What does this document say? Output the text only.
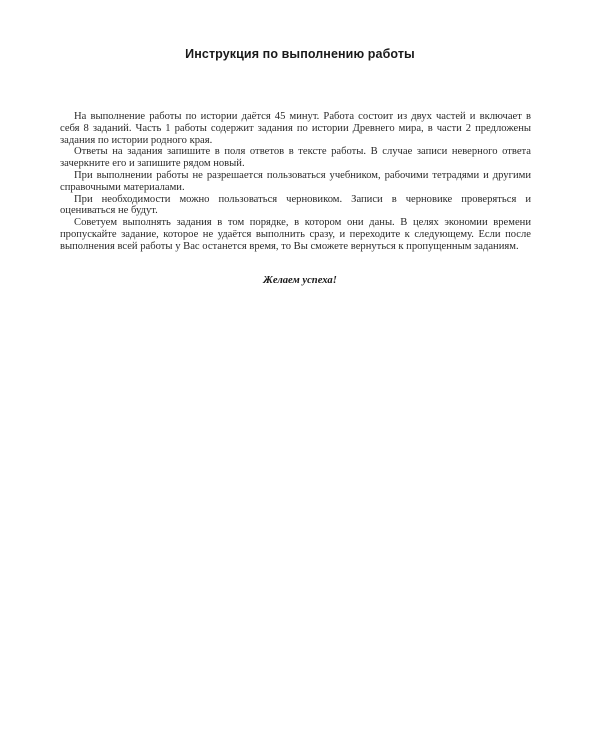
Инструкция по выполнению работы

На выполнение работы по истории даётся 45 минут. Работа состоит из двух частей и включает в себя 8 заданий. Часть 1 работы содержит задания по истории Древнего мира, в части 2 предложены задания по истории родного края.

Ответы на задания запишите в поля ответов в тексте работы. В случае записи неверного ответа зачеркните его и запишите рядом новый.

При выполнении работы не разрешается пользоваться учебником, рабочими тетрадями и другими справочными материалами.

При необходимости можно пользоваться черновиком. Записи в черновике проверяться и оцениваться не будут.

Советуем выполнять задания в том порядке, в котором они даны. В целях экономии времени пропускайте задание, которое не удаётся выполнить сразу, и переходите к следующему. Если после выполнения всей работы у Вас останется время, то Вы сможете вернуться к пропущенным заданиям.

Желаем успеха!
